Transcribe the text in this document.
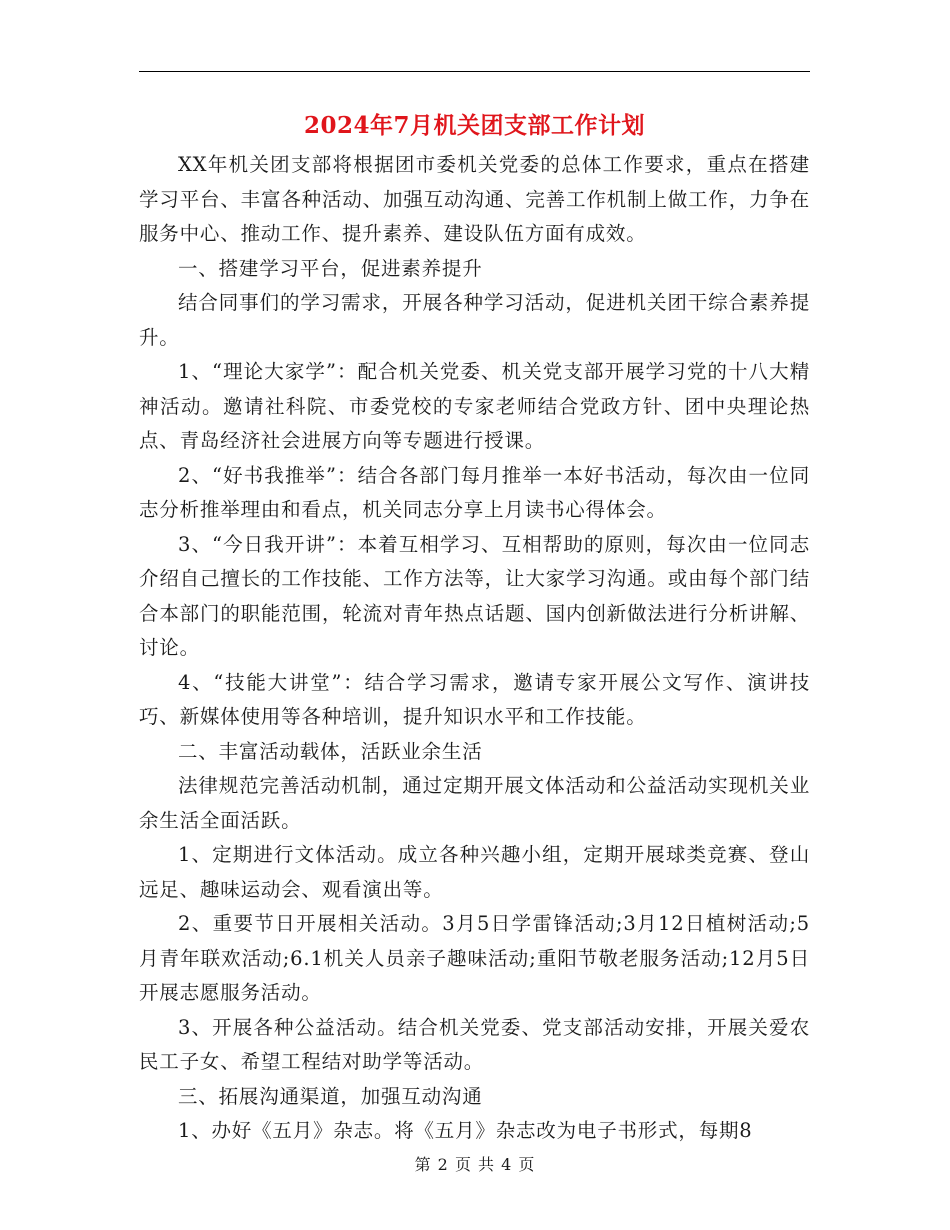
2024年7月机关团支部工作计划

XX年机关团支部将根据团市委机关党委的总体工作要求，重点在搭建学习平台、丰富各种活动、加强互动沟通、完善工作机制上做工作，力争在服务中心、推动工作、提升素养、建设队伍方面有成效。

一、搭建学习平台，促进素养提升

结合同事们的学习需求，开展各种学习活动，促进机关团干综合素养提升。

1、“理论大家学”：配合机关党委、机关党支部开展学习党的十八大精神活动。邀请社科院、市委党校的专家老师结合党政方针、团中央理论热点、青岛经济社会进展方向等专题进行授课。

2、“好书我推举”：结合各部门每月推举一本好书活动，每次由一位同志分析推举理由和看点，机关同志分享上月读书心得体会。

3、“今日我开讲”：本着互相学习、互相帮助的原则，每次由一位同志介绍自己擅长的工作技能、工作方法等，让大家学习沟通。或由每个部门结合本部门的职能范围，轮流对青年热点话题、国内创新做法进行分析讲解、讨论。

4、“技能大讲堂”：结合学习需求，邀请专家开展公文写作、演讲技巧、新媒体使用等各种培训，提升知识水平和工作技能。

二、丰富活动载体，活跃业余生活

法律规范完善活动机制，通过定期开展文体活动和公益活动实现机关业余生活全面活跃。

1、定期进行文体活动。成立各种兴趣小组，定期开展球类竞赛、登山远足、趣味运动会、观看演出等。

2、重要节日开展相关活动。3月5日学雷锋活动;3月12日植树活动;5月青年联欢活动;6.1机关人员亲子趣味活动;重阳节敬老服务活动;12月5日开展志愿服务活动。

3、开展各种公益活动。结合机关党委、党支部活动安排，开展关爱农民工子女、希望工程结对助学等活动。

三、拓展沟通渠道，加强互动沟通

1、办好《五月》杂志。将《五月》杂志改为电子书形式，每期8

第 2 页 共 4 页
